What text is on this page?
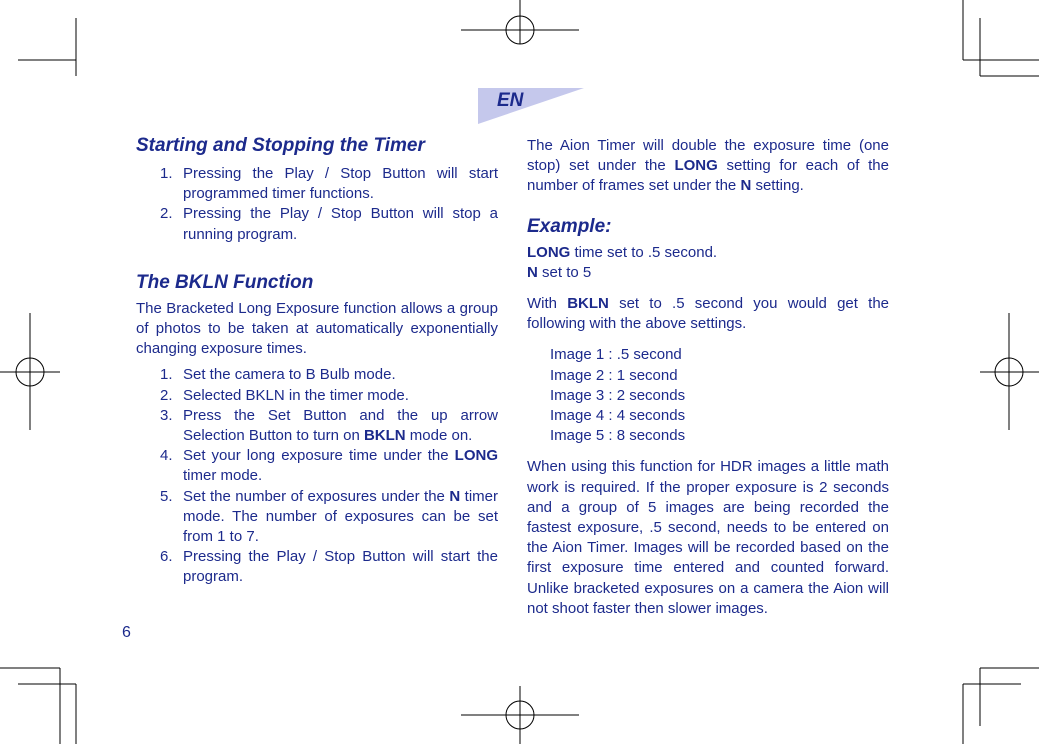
EN
Starting and Stopping the Timer
1. Pressing the Play / Stop Button will start programmed timer functions.
2. Pressing the Play / Stop Button will stop a running program.
The BKLN Function

The Bracketed Long Exposure function allows a group of photos to be taken at automatically exponentially changing exposure times.

1. Set the camera to B Bulb mode.
2. Selected BKLN in the timer mode.
3. Press the Set Button and the up arrow Selection Button to turn on BKLN mode on.
4. Set your long exposure time under the LONG timer mode.
5. Set the number of exposures under the N timer mode. The number of exposures can be set from 1 to 7.
6. Pressing the Play / Stop Button will start the program.

The Aion Timer will double the exposure time (one stop) set under the LONG setting for each of the number of frames set under the N setting.

Example:

LONG time set to .5 second.

N set to 5

With BKLN set to .5 second you would get the following with the above settings.

Image 1 : .5 second
Image 2 : 1 second
Image 3 : 2 seconds
Image 4 : 4 seconds
Image 5 : 8 seconds

When using this function for HDR images a little math work is required. If the proper exposure is 2 seconds and a group of 5 images are being recorded the fastest exposure, .5 second, needs to be entered on the Aion Timer. Images will be recorded based on the first exposure time entered and counted forward. Unlike bracketed exposures on a camera the Aion will not shoot faster then slower images.

6
